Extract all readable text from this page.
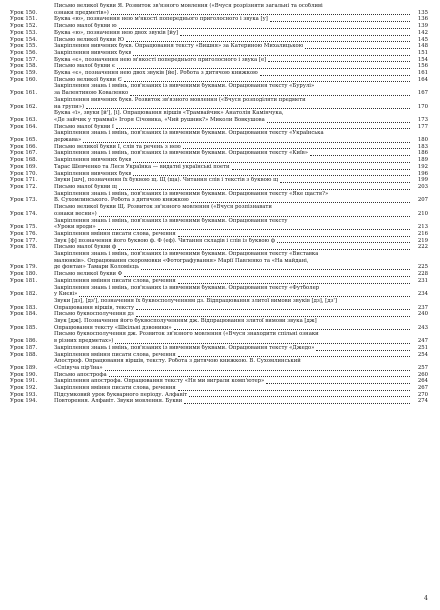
Урок 150.
Письмо великої букви Я. Розвиток зв'язного мовлення («Вчуся розрізняти загальні та особливі
ознаки предметів»)	135
Урок 151.	Буква «ю», позначення нею м'якості попереднього приголосного і звука [у]	136
Урок 152.	Письмо малої букви ю	139
Урок 153.	Буква «ю», позначення нею двох звуків [йу]	142
Урок 154.	Письмо великої букви Ю	145
Урок 155.	Закріплення вивчених букв. Опрацювання тексту «Вишня» за Катериною Михалицькою	148
Урок 156.	Закріплення вивчених букв	151
Урок 157.	Буква «є», позначення нею м'якості попереднього приголосного і звука [е]	154
Урок 158.	Письмо малої букви є	156
Урок 159.	Буква «є», позначення нею двох звуків [йе]. Робота з дитячою книжкою	161
Урок 160.	Письмо великої букви Є	164
Урок 161.
Закріплення знань і вмінь, пов'язаних із вивченими буквами. Опрацювання тексту «Бурулі»
за Валентиною Коваленко	167
Урок 162.
Закріплення вивчених букв. Розвиток зв'язного мовлення («Вчуся розподіляти предмети
на групи»)	170
Урок 163.
Буква «ї», звуки [й'], [і]. Опрацювання віршів «Трамвайчик» Анатолія Камінчука,
«Де зайчик у трамваї» Ігоря Січовика, «Чий рушник?» Миколи Вовкушова	173
Урок 164.	Письмо малої букви ї	177
Урок 165.
Закріплення знань і вмінь, пов'язаних із вивченими буквами. Опрацювання тексту «Українська
держава»	180
Урок 166.	Письмо великої букви Ї, слів та речень з нею	183
Урок 167.	Закріплення знань і вмінь, пов'язаних із вивченими буквами. Опрацювання тексту «Київ»	186
Урок 168.	Закріплення вивчених букв	189
Урок 169.	Тарас Шевченко та Леся Українка — видатні українські поети	192
Урок 170.	Закріплення вивчених букв	196
Урок 171.	Звуки [шч], позначення їх буквою щ. Щ (ща). Читання слів і текстів з буквою щ	199
Урок 172.	Письмо малої букви щ	203
Урок 173.
Закріплення знань і вмінь, пов'язаних із вивченими буквами. Опрацювання тексту «Яке щастя?»
В. Сухомлинського. Робота з дитячою книжкою	207
Урок 174.
Письмо великої букви Щ. Розвиток зв'язного мовлення («Вчуся розпізнавати
ознаки весни»)	210
Урок 175.
Закріплення знань і вмінь, пов'язаних із вивченими буквами. Опрацювання тексту
«Уроки вроди»	213
Урок 176.	Закріплення вміння писати слова, речення	216
Урок 177.	Звук [ф] позначення його буквою ф. Ф (еф). Читання складів і слів із буквою ф	219
Урок 178.	Письмо малої букви ф	222
Урок 179.
Закріплення знань і вмінь, пов'язаних із вивченими буквами. Опрацювання тексту «Виставка
малюнків». Опрацювання скоромовки «Фотографування» Марії Павленко та «На майдані,
де фонтан» Тамари Коломієць	225
Урок 180.	Письмо великої букви Ф	228
Урок 181.	Закріплення вміння писати слова, речення	231
Урок 182.
Закріплення знань і вмінь, пов'язаних із вивченими буквами. Опрацювання тексту «Футболер
у Києві»	234
Урок 183.
Звуки [дз], [дз'], позначення їх буквосполученням дз. Відпрацювання злитої вимови звуків [дз], [дз']
Опрацювання віршів, тексту	237
Урок 184.	Письмо буквосполучення дз	240
Урок 185.
Звук [дж]. Позначення його буквосполученням дж. Відпрацювання злитої вимови звука [дж]
Опрацювання тексту «Шкільні дзвоники»	243
Урок 186.
Письмо буквосполучення дж. Розвиток зв'язного мовлення («Вчуся знаходити спільні ознаки
в різних предметах»)	247
Урок 187.	Закріплення знань і вмінь, пов'язаних із вивченими буквами. Опрацювання тексту «Джедо»	251
Урок 188.	Закріплення вміння писати слова, речення	254
Урок 189.
Апостроф. Опрацювання віршів, тексту. Робота з дитячою книжкою. В. Сухомлинський
«Співуча пір'їна»	257
Урок 190.	Письмо апострофа	260
Урок 191.	Закріплення апострофа. Опрацювання тексту «Ня ми виграли комп'ютер»	264
Урок 192.	Закріплення вміння писати слова, речення	267
Урок 193.	Підсумковий урок букварного періоду. Алфавіт	270
Урок 194.	Повторення. Алфавіт. Звуки мовлення. Букви	274
4
